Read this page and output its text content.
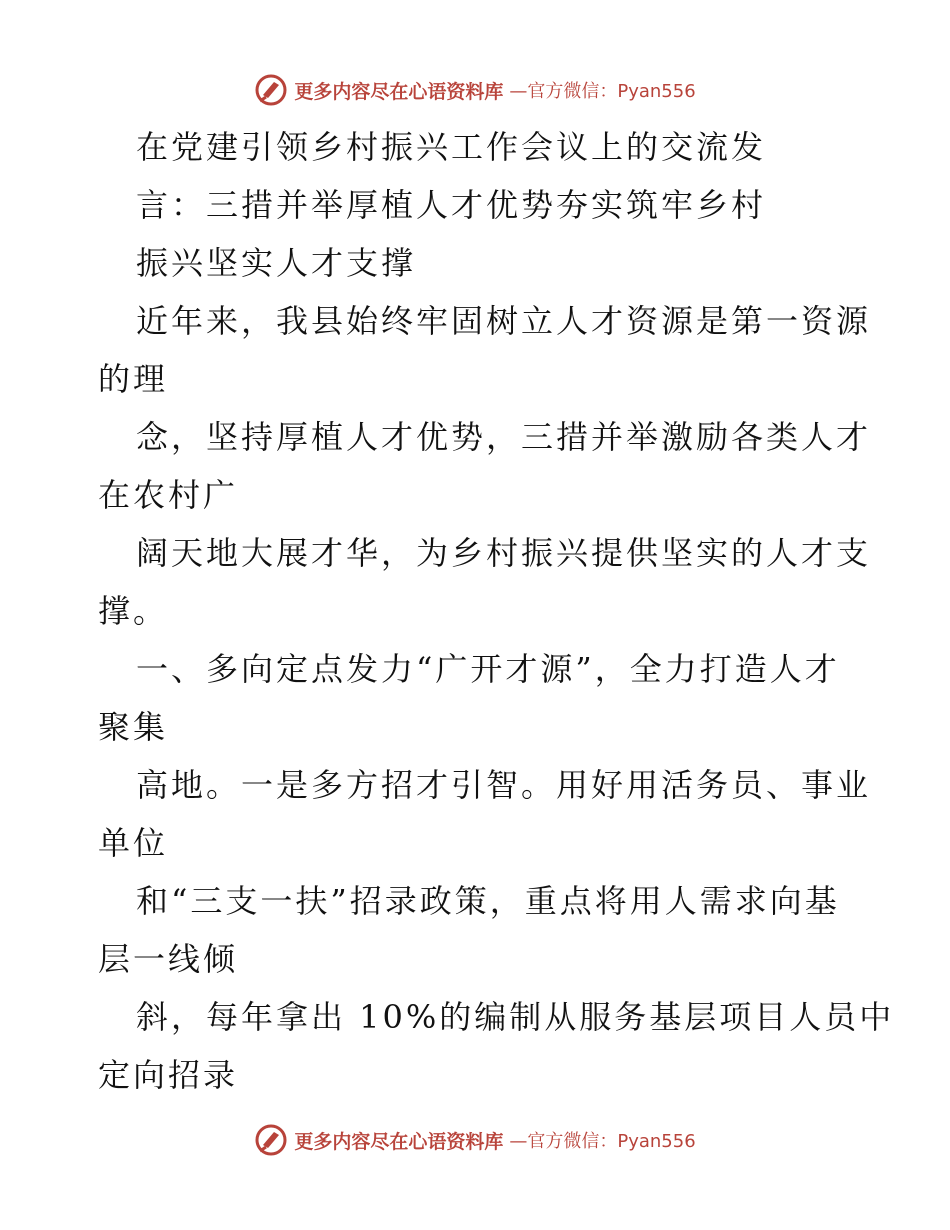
更多内容尽在心语资料库 —官方微信：Pyan556
在党建引领乡村振兴工作会议上的交流发
言：三措并举厚植人才优势夯实筑牢乡村
振兴坚实人才支撑
近年来，我县始终牢固树立人才资源是第一资源
的理
念，坚持厚植人才优势，三措并举激励各类人才
在农村广
阔天地大展才华，为乡村振兴提供坚实的人才支
撑。
一、多向定点发力“广开才源”，全力打造人才
聚集
高地。一是多方招才引智。用好用活务员、事业
单位
和“三支一扶”招录政策，重点将用人需求向基
层一线倾
斜，每年拿出 10%的编制从服务基层项目人员中
定向招录
更多内容尽在心语资料库 —官方微信：Pyan556
